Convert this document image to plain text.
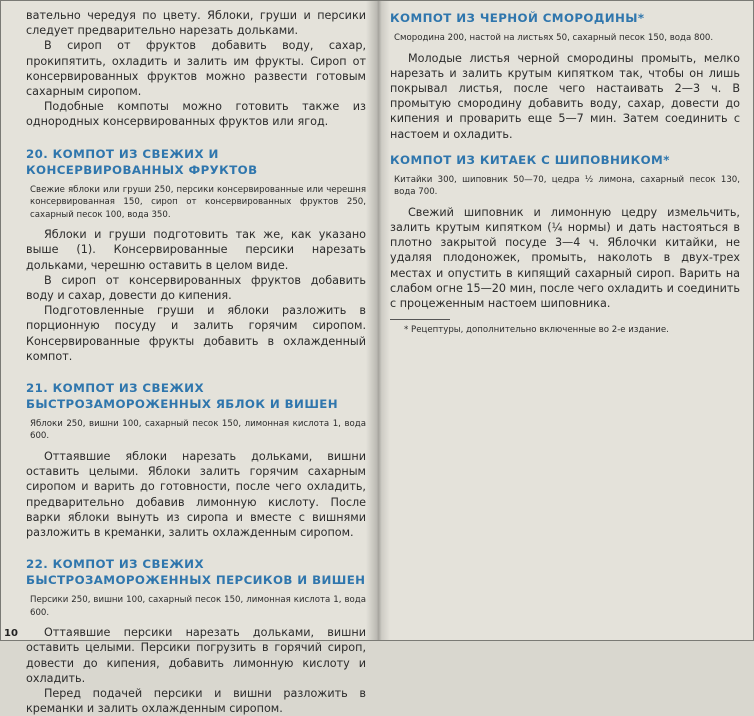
вательно чередуя по цвету. Яблоки, груши и персики следует предварительно нарезать дольками.

В сироп от фруктов добавить воду, сахар, прокипятить, охладить и залить им фрукты. Сироп от консервированных фруктов можно развести готовым сахарным сиропом.

Подобные компоты можно готовить также из однородных консервированных фруктов или ягод.

20. КОМПОТ ИЗ СВЕЖИХ И КОНСЕРВИРОВАННЫХ ФРУКТОВ

Свежие яблоки или груши 250, персики консервированные или черешня консервированная 150, сироп от консервированных фруктов 250, сахарный песок 100, вода 350.

Яблоки и груши подготовить так же, как указано выше (1). Консервированные персики нарезать дольками, черешню оставить в целом виде.

В сироп от консервированных фруктов добавить воду и сахар, довести до кипения.

Подготовленные груши и яблоки разложить в порционную посуду и залить горячим сиропом. Консервированные фрукты добавить в охлажденный компот.

21. КОМПОТ ИЗ СВЕЖИХ БЫСТРОЗАМОРОЖЕННЫХ ЯБЛОК И ВИШЕН

Яблоки 250, вишни 100, сахарный песок 150, лимонная кислота 1, вода 600.

Оттаявшие яблоки нарезать дольками, вишни оставить целыми. Яблоки залить горячим сахарным сиропом и варить до готовности, после чего охладить, предварительно добавив лимонную кислоту. После варки яблоки вынуть из сиропа и вместе с вишнями разложить в креманки, залить охлажденным сиропом.

22. КОМПОТ ИЗ СВЕЖИХ БЫСТРОЗАМОРОЖЕННЫХ ПЕРСИКОВ И ВИШЕН

Персики 250, вишни 100, сахарный песок 150, лимонная кислота 1, вода 600.

Оттаявшие персики нарезать дольками, вишни оставить целыми. Персики погрузить в горячий сироп, довести до кипения, добавить лимонную кислоту и охладить.

Перед подачей персики и вишни разложить в креманки и залить охлажденным сиропом.

10
КОМПОТ ИЗ ЧЕРНОЙ СМОРОДИНЫ*

Смородина 200, настой на листьях 50, сахарный песок 150, вода 800.

Молодые листья черной смородины промыть, мелко нарезать и залить крутым кипятком так, чтобы он лишь покрывал листья, после чего настаивать 2—3 ч. В промытую смородину добавить воду, сахар, довести до кипения и проварить еще 5—7 мин. Затем соединить с настоем и охладить.

КОМПОТ ИЗ КИТАЕК С ШИПОВНИКОМ*

Китайки 300, шиповник 50—70, цедра ½ лимона, сахарный песок 130, вода 700.

Свежий шиповник и лимонную цедру измельчить, залить крутым кипятком (¼ нормы) и дать настояться в плотно закрытой посуде 3—4 ч. Яблочки китайки, не удаляя плодоножек, промыть, наколоть в двух-трех местах и опустить в кипящий сахарный сироп. Варить на слабом огне 15—20 мин, после чего охладить и соединить с процеженным настоем шиповника.

* Рецептуры, дополнительно включенные во 2-е издание.
